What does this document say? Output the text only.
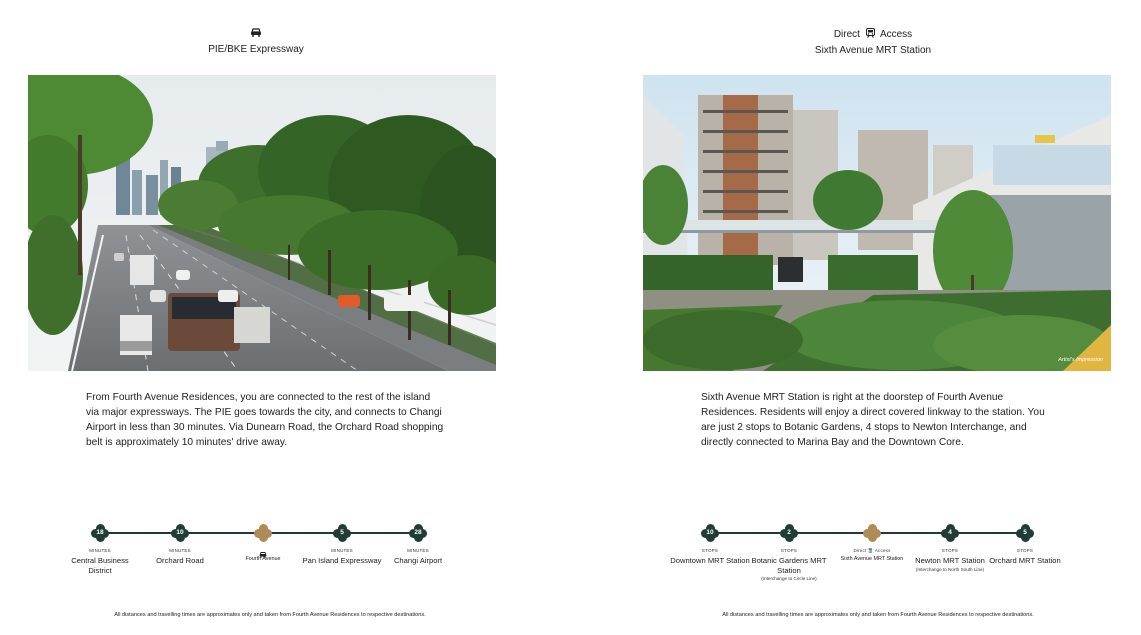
PIE/BKE Expressway
Direct Access
Sixth Avenue MRT Station
Artist's Impression
From Fourth Avenue Residences, you are connected to the rest of the island via major expressways. The PIE goes towards the city, and connects to Changi Airport in less than 30 minutes. Via Dunearn Road, the Orchard Road shopping belt is approximately 10 minutes' drive away.
Sixth Avenue MRT Station is right at the doorstep of Fourth Avenue Residences. Residents will enjoy a direct covered linkway to the station. You are just 2 stops to Botanic Gardens, 4 stops to Newton Interchange, and directly connected to Marina Bay and the Downtown Core.
18
MINUTES
Central Business District
10
MINUTES
Orchard Road	Fourth Avenue
5
MINUTES
Pan Island Expressway
28
MINUTES
Changi Airport
10
STOPS
Downtown MRT Station
2
STOPS
Botanic Gardens MRT Station
(Interchange to Circle Line)
Direct 🚆 Access
Sixth Avenue MRT Station
4
STOPS
Newton MRT Station
(Interchange to North South Line)
5
STOPS
Orchard MRT Station
All distances and travelling times are approximates only and taken from Fourth Avenue Residences to respective destinations.	All distances and travelling times are approximates only and taken from Fourth Avenue Residences to respective destinations.
